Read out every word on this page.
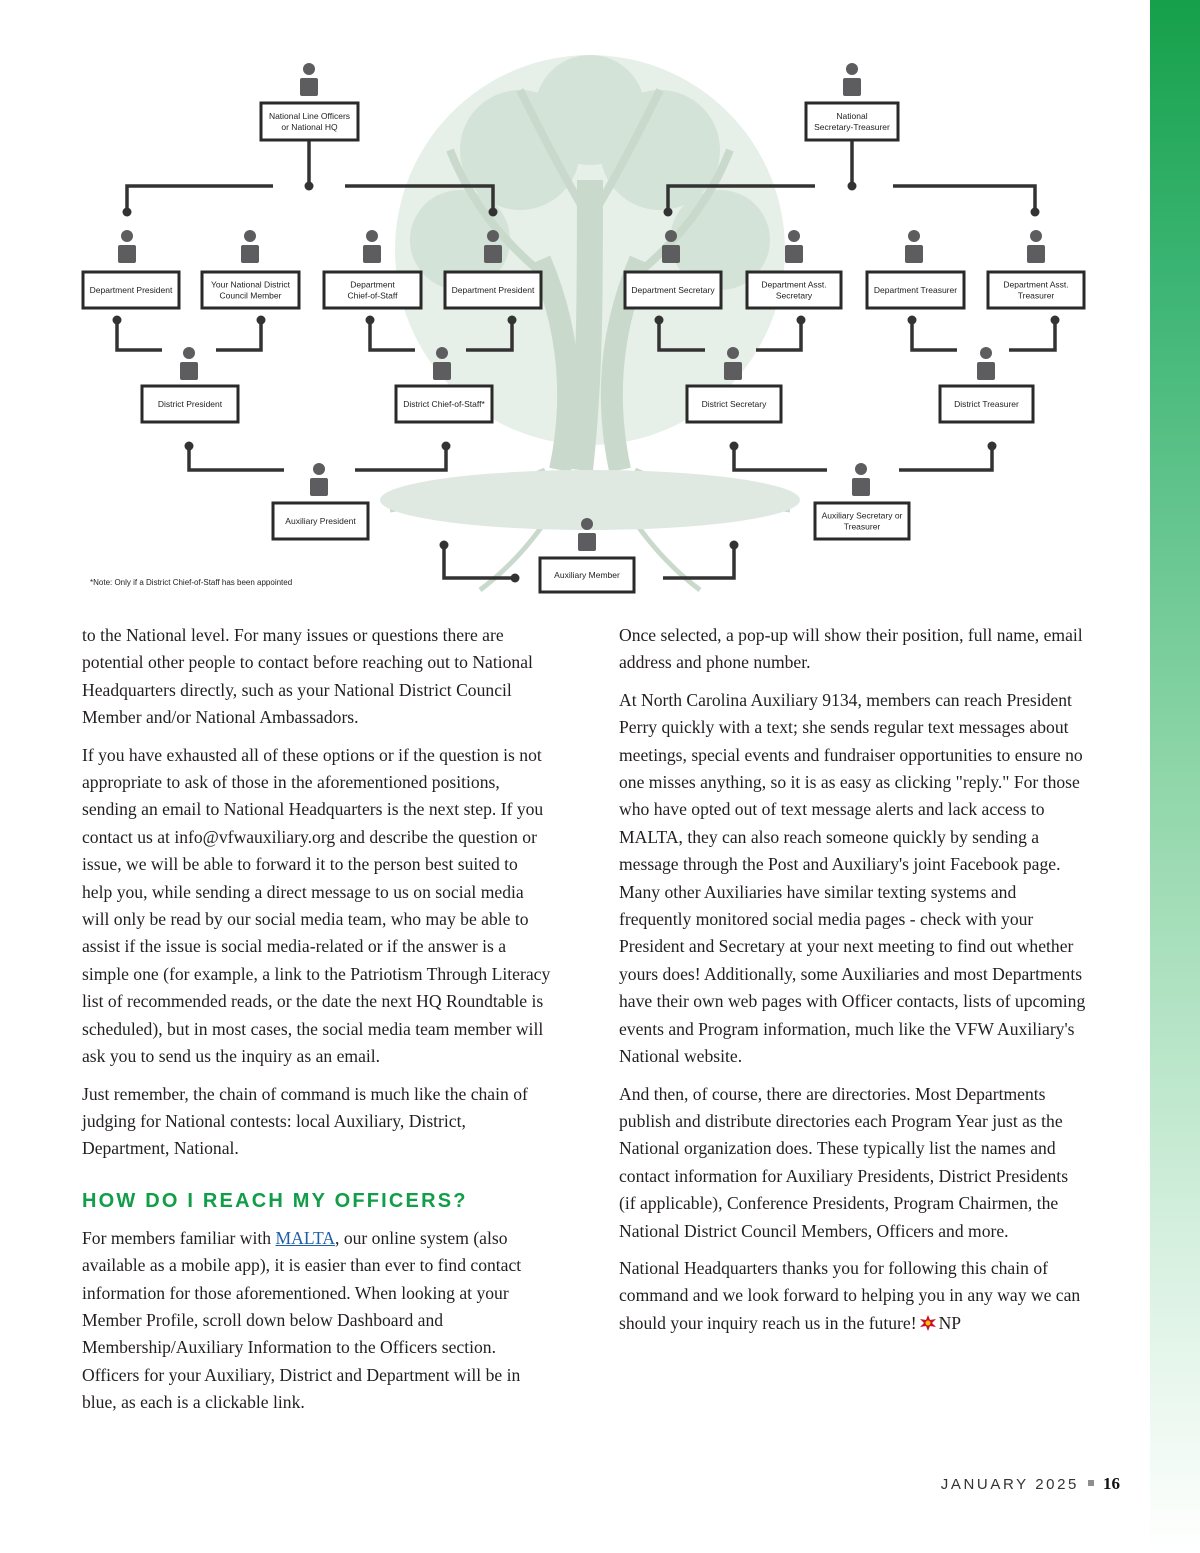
National Line Officers
or National HQ
National
Secretary-Treasurer
Department President
Your National District
Council Member
Department
Chief-of-Staff
Department President	Department Secretary
Department Asst.
Secretary
Department Treasurer
Department Asst.
Treasurer
District President	District Chief-of-Staff*	District Secretary	District Treasurer
Auxiliary President
Auxiliary Secretary or
Treasurer
Auxiliary Member
*Note: Only if a District Chief-of-Staff has been appointed

to the National level. For many issues or questions there are potential other people to contact before reaching out to National Headquarters directly, such as your National District Council Member and/or National Ambassadors.

If you have exhausted all of these options or if the question is not appropriate to ask of those in the aforementioned positions, sending an email to National Headquarters is the next step. If you contact us at info@vfwauxiliary.org and describe the question or issue, we will be able to forward it to the person best suited to help you, while sending a direct message to us on social media will only be read by our social media team, who may be able to assist if the issue is social media-related or if the answer is a simple one (for example, a link to the Patriotism Through Literacy list of recommended reads, or the date the next HQ Roundtable is scheduled), but in most cases, the social media team member will ask you to send us the inquiry as an email.

Just remember, the chain of command is much like the chain of judging for National contests: local Auxiliary, District, Department, National.

HOW DO I REACH MY OFFICERS?

For members familiar with MALTA, our online system (also available as a mobile app), it is easier than ever to find contact information for those aforementioned. When looking at your Member Profile, scroll down below Dashboard and Membership/Auxiliary Information to the Officers section. Officers for your Auxiliary, District and Department will be in blue, as each is a clickable link.

Once selected, a pop-up will show their position, full name, email address and phone number.

At North Carolina Auxiliary 9134, members can reach President Perry quickly with a text; she sends regular text messages about meetings, special events and fundraiser opportunities to ensure no one misses anything, so it is as easy as clicking "reply." For those who have opted out of text message alerts and lack access to MALTA, they can also reach someone quickly by sending a message through the Post and Auxiliary's joint Facebook page. Many other Auxiliaries have similar texting systems and frequently monitored social media pages - check with your President and Secretary at your next meeting to find out whether yours does! Additionally, some Auxiliaries and most Departments have their own web pages with Officer contacts, lists of upcoming events and Program information, much like the VFW Auxiliary's National website.

And then, of course, there are directories. Most Departments publish and distribute directories each Program Year just as the National organization does. These typically list the names and contact information for Auxiliary Presidents, District Presidents (if applicable), Conference Presidents, Program Chairmen, the National District Council Members, Officers and more.

National Headquarters thanks you for following this chain of command and we look forward to helping you in any way we can should your inquiry reach us in the future! NP

JANUARY 2025 16
